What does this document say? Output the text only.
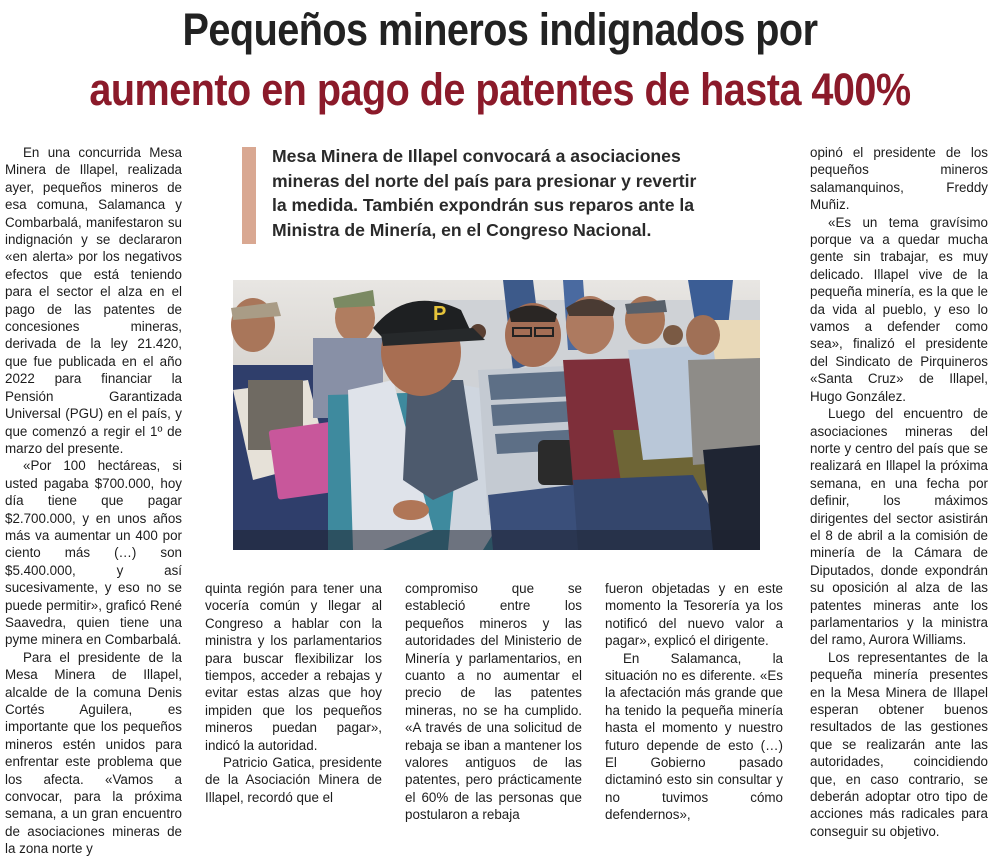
Pequeños mineros indignados por
aumento en pago de patentes de hasta 400%

En una concurrida Mesa Minera de Illapel, realizada ayer, pequeños mineros de esa comuna, Salamanca y Combarbalá, manifestaron su indignación y se declararon «en alerta» por los negativos efectos que está teniendo para el sector el alza en el pago de las patentes de concesiones mineras, derivada de la ley 21.420, que fue publicada en el año 2022 para financiar la Pensión Garantizada Universal (PGU) en el país, y que comenzó a regir el 1º de marzo del presente.

«Por 100 hectáreas, si usted pagaba $700.000, hoy día tiene que pagar $2.700.000, y en unos años más va aumentar un 400 por ciento más (…) son $5.400.000, y así sucesivamente, y eso no se puede permitir», graficó René Saavedra, quien tiene una pyme minera en Combarbalá.

Para el presidente de la Mesa Minera de Illapel, alcalde de la comuna Denis Cortés Aguilera, es importante que los pequeños mineros estén unidos para enfrentar este problema que los afecta. «Vamos a convocar, para la próxima semana, a un gran encuentro de asociaciones mineras de la zona norte y

Mesa Minera de Illapel convocará a asociaciones
mineras del norte del país para presionar y revertir
la medida. También expondrán sus reparos ante la
Ministra de Minería, en el Congreso Nacional.
P

quinta región para tener una vocería común y llegar al Congreso a hablar con la ministra y los parlamentarios para buscar flexibilizar los tiempos, acceder a rebajas y evitar estas alzas que hoy impiden que los pequeños mineros puedan pagar», indicó la autoridad.

Patricio Gatica, presidente de la Asociación Minera de Illapel, recordó que el

compromiso que se estableció entre los pequeños mineros y las autoridades del Ministerio de Minería y parlamentarios, en cuanto a no aumentar el precio de las patentes mineras, no se ha cumplido. «A través de una solicitud de rebaja se iban a mantener los valores antiguos de las patentes, pero prácticamente el 60% de las personas que postularon a rebaja

fueron objetadas y en este momento la Tesorería ya los notificó del nuevo valor a pagar», explicó el dirigente.

En Salamanca, la situación no es diferente. «Es la afectación más grande que ha tenido la pequeña minería hasta el momento y nuestro futuro depende de esto (…) El Gobierno pasado dictaminó esto sin consultar y no tuvimos cómo defendernos»,

opinó el presidente de los pequeños mineros salamanquinos, Freddy Muñiz.

«Es un tema gravísimo porque va a quedar mucha gente sin trabajar, es muy delicado. Illapel vive de la pequeña minería, es la que le da vida al pueblo, y eso lo vamos a defender como sea», finalizó el presidente del Sindicato de Pirquineros «Santa Cruz» de Illapel, Hugo González.

Luego del encuentro de asociaciones mineras del norte y centro del país que se realizará en Illapel la próxima semana, en una fecha por definir, los máximos dirigentes del sector asistirán el 8 de abril a la comisión de minería de la Cámara de Diputados, donde expondrán su oposición al alza de las patentes mineras ante los parlamentarios y la ministra del ramo, Aurora Williams.

Los representantes de la pequeña minería presentes en la Mesa Minera de Illapel esperan obtener buenos resultados de las gestiones que se realizarán ante las autoridades, coincidiendo que, en caso contrario, se deberán adoptar otro tipo de acciones más radicales para conseguir su objetivo.
